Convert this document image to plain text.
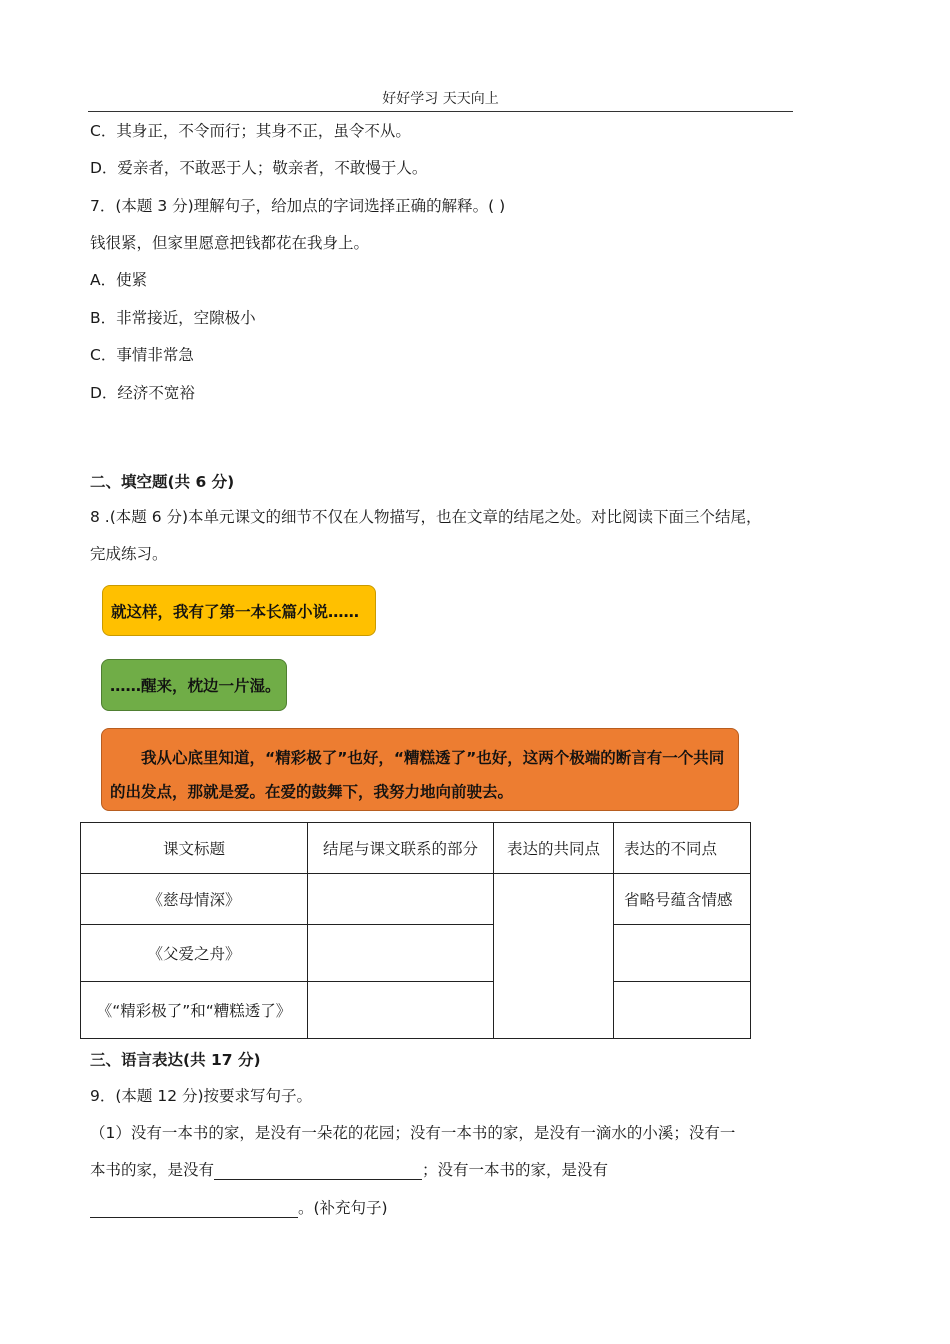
好好学习 天天向上
C．其身正，不令而行；其身不正，虽令不从。
D．爱亲者，不敢恶于人；敬亲者，不敢慢于人。
7．(本题 3 分)理解句子，给加点的字词选择正确的解释。( )
钱很紧，但家里愿意把钱都花在我身上。
A．使紧
B．非常接近，空隙极小
C．事情非常急
D．经济不宽裕
二、填空题(共 6 分)
8 .(本题 6 分)本单元课文的细节不仅在人物描写，也在文章的结尾之处。对比阅读下面三个结尾，
完成练习。
就这样，我有了第一本长篇小说……
……醒来，枕边一片湿。
　　我从心底里知道，“精彩极了”也好，“糟糕透了”也好，这两个极端的断言有一个共同的出发点，那就是爱。在爱的鼓舞下，我努力地向前驶去。
课文标题	结尾与课文联系的部分	表达的共同点	表达的不同点
《慈母情深》			省略号蕴含情感
《父爱之舟》			
《“精彩极了”和“糟糕透了》			
三、语言表达(共 17 分)
9．(本题 12 分)按要求写句子。
（1）没有一本书的家，是没有一朵花的花园；没有一本书的家，是没有一滴水的小溪；没有一
本书的家，是没有	；没有一本书的家，是没有
。(补充句子)
